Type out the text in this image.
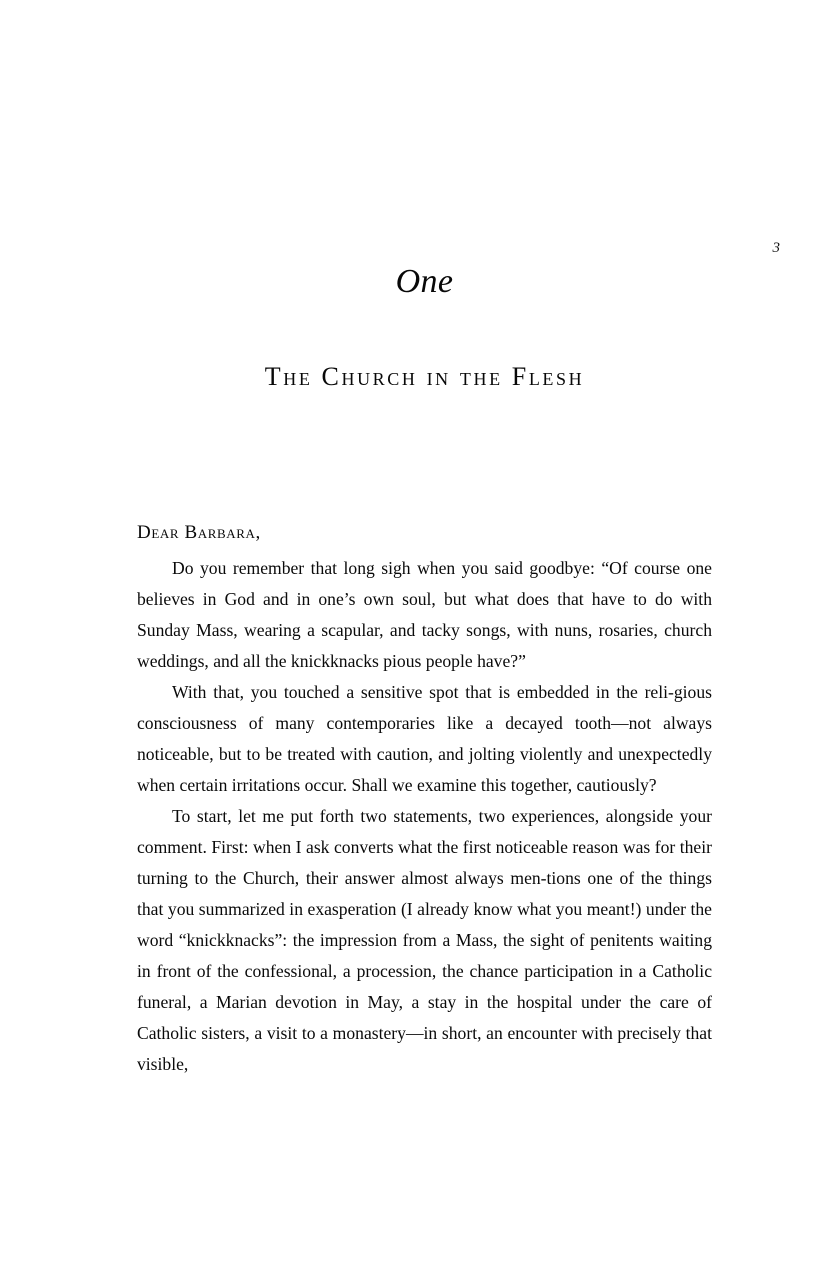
3
One
The Church in the Flesh

Dear Barbara,

Do you remember that long sigh when you said goodbye: “Of course one believes in God and in one’s own soul, but what does that have to do with Sunday Mass, wearing a scapular, and tacky songs, with nuns, rosaries, church weddings, and all the knickknacks pious people have?”

With that, you touched a sensitive spot that is embedded in the reli-gious consciousness of many contemporaries like a decayed tooth—not always noticeable, but to be treated with caution, and jolting violently and unexpectedly when certain irritations occur. Shall we examine this together, cautiously?

To start, let me put forth two statements, two experiences, alongside your comment. First: when I ask converts what the first noticeable reason was for their turning to the Church, their answer almost always men-tions one of the things that you summarized in exasperation (I already know what you meant!) under the word “knickknacks”: the impression from a Mass, the sight of penitents waiting in front of the confessional, a procession, the chance participation in a Catholic funeral, a Marian devotion in May, a stay in the hospital under the care of Catholic sisters, a visit to a monastery—in short, an encounter with precisely that visible,
